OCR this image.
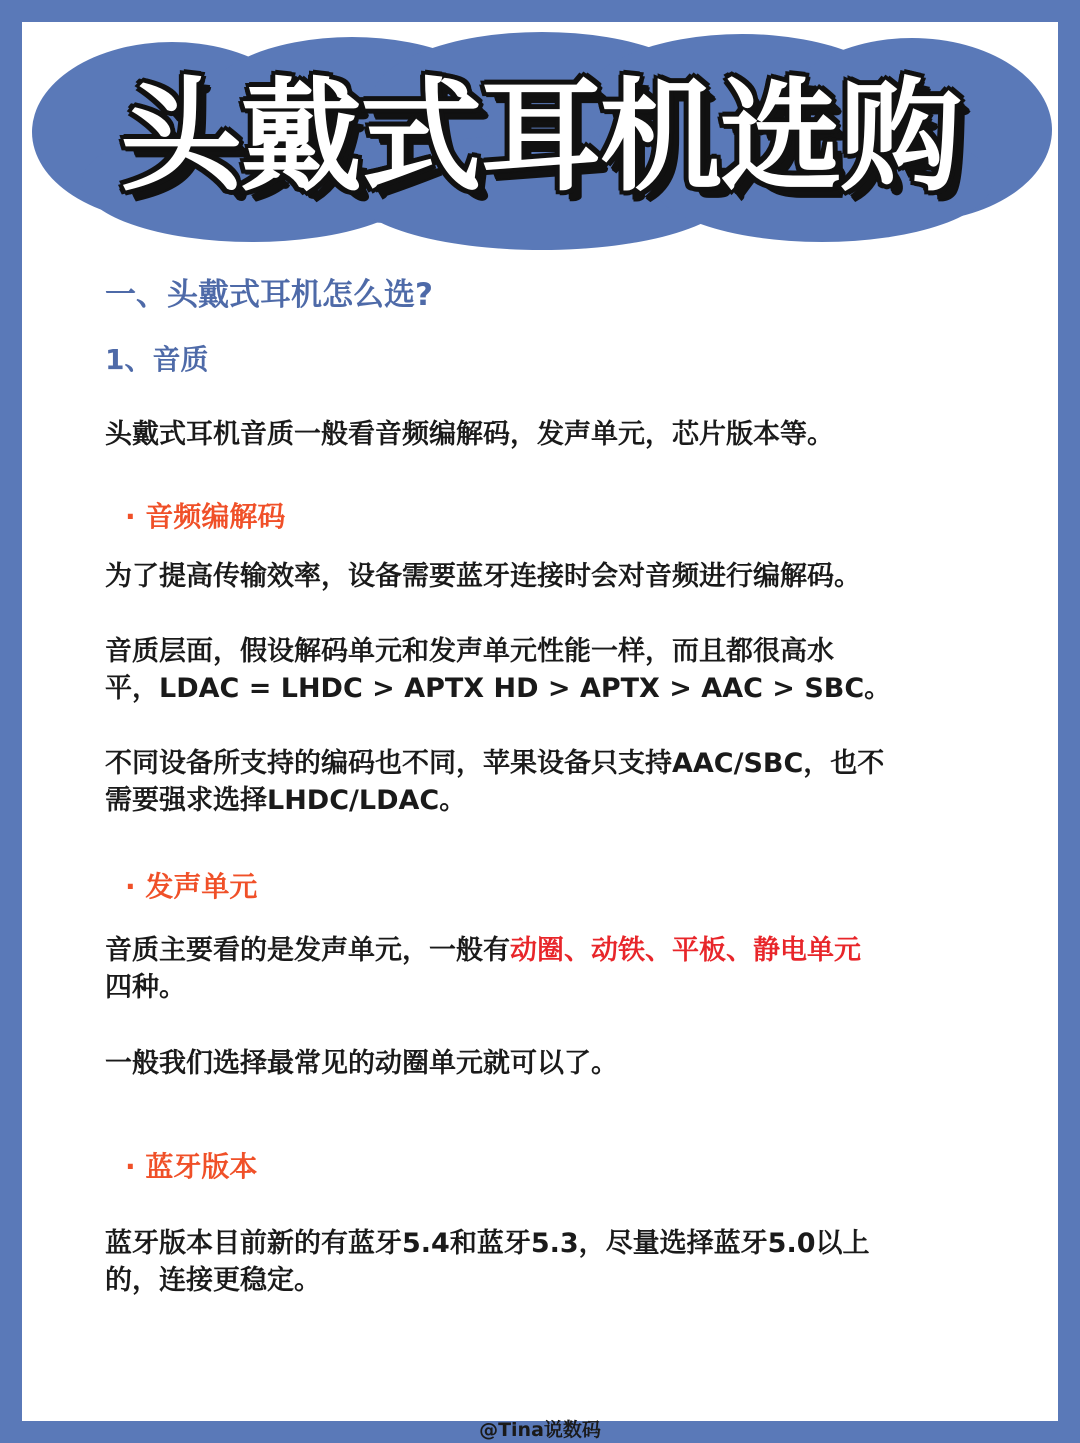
头戴式耳机选购
一、头戴式耳机怎么选?
1、音质
头戴式耳机音质一般看音频编解码，发声单元，芯片版本等。
· 音频编解码
为了提高传输效率，设备需要蓝牙连接时会对音频进行编解码。
音质层面，假设解码单元和发声单元性能一样，而且都很高水
平，LDAC = LHDC > APTX HD > APTX > AAC > SBC。
不同设备所支持的编码也不同，苹果设备只支持AAC/SBC，也不
需要强求选择LHDC/LDAC。
· 发声单元
音质主要看的是发声单元，一般有动圈、动铁、平板、静电单元
四种。
一般我们选择最常见的动圈单元就可以了。
· 蓝牙版本
蓝牙版本目前新的有蓝牙5.4和蓝牙5.3，尽量选择蓝牙5.0以上
的，连接更稳定。
@Tina说数码
